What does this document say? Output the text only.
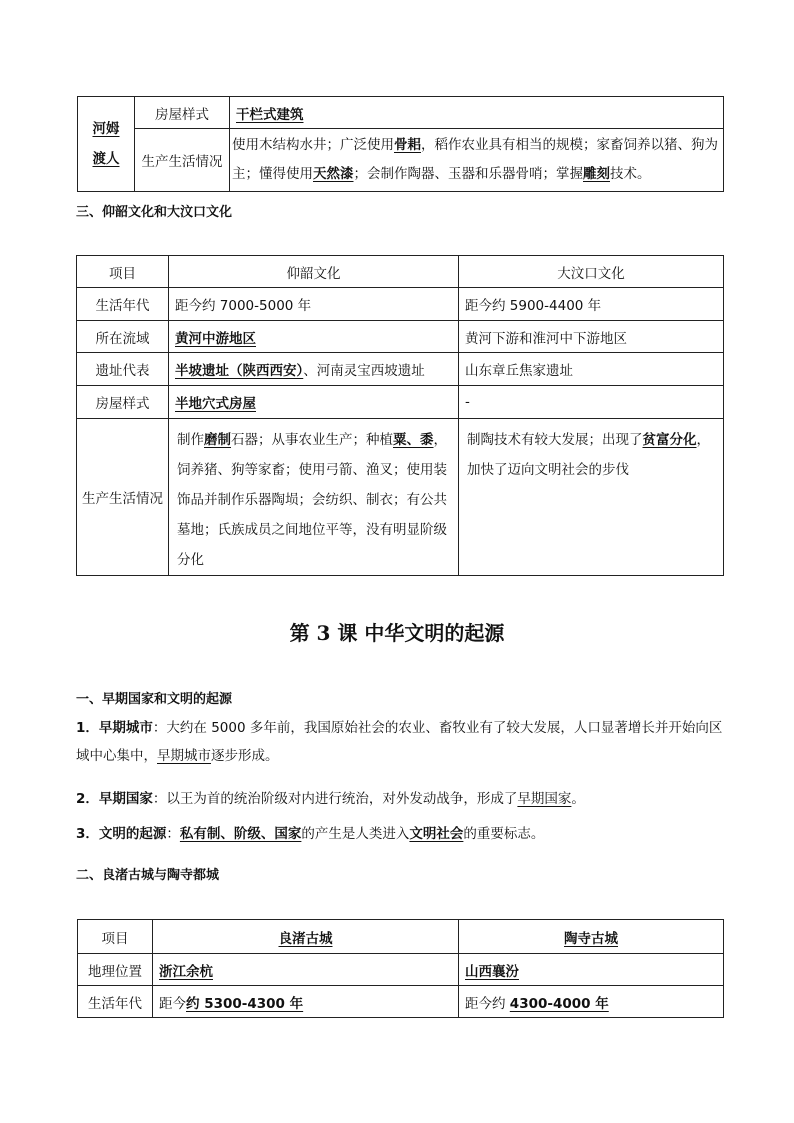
河姆
渡人	房屋样式	干栏式建筑
	生产生活情况	使用木结构水井；广泛使用骨耜，稻作农业具有相当的规模；家畜饲养以猪、狗为主；懂得使用天然漆；会制作陶器、玉器和乐器骨哨；掌握雕刻技术。
三、仰韶文化和大汶口文化
项目	仰韶文化	大汶口文化
生活年代	距今约 7000-5000 年	距今约 5900-4400 年
所在流域	黄河中游地区	黄河下游和淮河中下游地区
遗址代表	半坡遗址（陕西西安）、河南灵宝西坡遗址	山东章丘焦家遗址
房屋样式	半地穴式房屋	-
生产生活情况	制作磨制石器；从事农业生产；种植粟、黍，饲养猪、狗等家畜；使用弓箭、渔叉；使用装饰品并制作乐器陶埙；会纺织、制衣；有公共墓地；氏族成员之间地位平等，没有明显阶级分化	制陶技术有较大发展；出现了贫富分化，加快了迈向文明社会的步伐
第 3 课 中华文明的起源
一、早期国家和文明的起源
1．早期城市：大约在 5000 多年前，我国原始社会的农业、畜牧业有了较大发展，人口显著增长并开始向区域中心集中，早期城市逐步形成。
2．早期国家：以王为首的统治阶级对内进行统治，对外发动战争，形成了早期国家。
3．文明的起源：私有制、阶级、国家的产生是人类进入文明社会的重要标志。
二、良渚古城与陶寺都城
项目	良渚古城	陶寺古城
地理位置	浙江余杭	山西襄汾
生活年代	距今约 5300-4300 年	距今约 4300-4000 年
